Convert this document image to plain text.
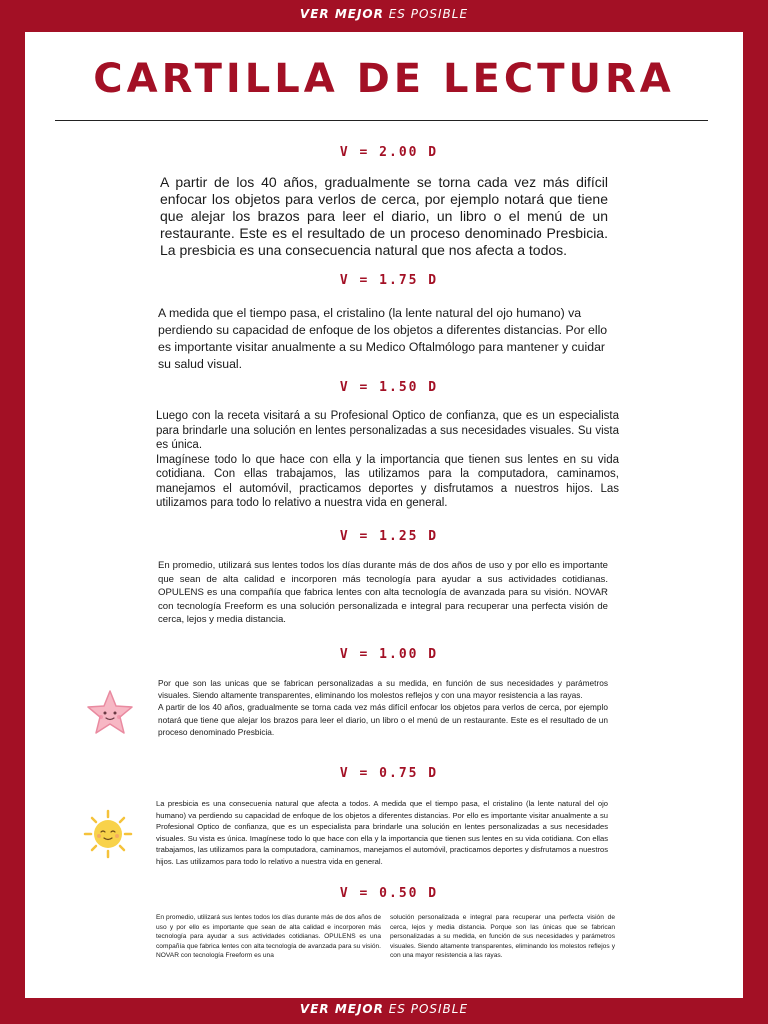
VER MEJOR ES POSIBLE
CARTILLA DE LECTURA
V = 2.00 D
A partir de los 40 años, gradualmente se torna cada vez más difícil enfocar los objetos para verlos de cerca, por ejemplo notará que tiene que alejar los brazos para leer el diario, un libro o el menú de un restaurante. Este es el resultado de un proceso denominado Presbicia. La presbicia es una consecuencia natural que nos afecta a todos.
V = 1.75 D
A medida que el tiempo pasa, el cristalino (la lente natural del ojo humano) va perdiendo su capacidad de enfoque de los objetos a diferentes distancias. Por ello es importante visitar anualmente a su Medico Oftalmólogo para mantener y cuidar su salud visual.
V = 1.50 D
Luego con la receta visitará a su Profesional Optico de confianza, que es un especialista para brindarle una solución en lentes personalizadas a sus necesidades visuales. Su vista es única.
Imagínese todo lo que hace con ella y la importancia que tienen sus lentes en su vida cotidiana. Con ellas trabajamos, las utilizamos para la computadora, caminamos, manejamos el automóvil, practicamos deportes y disfrutamos a nuestros hijos. Las utilizamos para todo lo relativo a nuestra vida en general.
V = 1.25 D
En promedio, utilizará sus lentes todos los días durante más de dos años de uso y por ello es importante que sean de alta calidad e incorporen más tecnología para ayudar a sus actividades cotidianas. OPULENS es una compañía que fabrica lentes con alta tecnología de avanzada para su visión. NOVAR con tecnología Freeform es una solución personalizada e integral para recuperar una perfecta visión de cerca, lejos y media distancia.
V = 1.00 D
Por que son las unicas que se fabrican personalizadas a su medida, en función de sus necesidades y parámetros visuales. Siendo altamente transparentes, eliminando los molestos reflejos y con una mayor resistencia a las rayas.
A partir de los 40 años, gradualmente se torna cada vez más difícil enfocar los objetos para verlos de cerca, por ejemplo notará que tiene que alejar los brazos para leer el diario, un libro o el menú de un restaurante. Este es el resultado de un proceso denominado Presbicia.
V = 0.75 D
La presbicia es una consecuenia natural que afecta a todos. A medida que el tiempo pasa, el cristalino (la lente natural del ojo humano) va perdiendo su capacidad de enfoque de los objetos a diferentes distancias. Por ello es importante visitar anualmente a su Profesional Optico de confianza, que es un especialista para brindarle una solución en lentes personalizadas a sus necesidades visuales. Su vista es única. Imagínese todo lo que hace con ella y la importancia que tienen sus lentes en su vida cotidiana. Con ellas trabajamos, las utilizamos para la computadora, caminamos, manejamos el automóvil, practicamos deportes y disfrutamos a nuestros hijos. Las utilizamos para todo lo relativo a nuestra vida en general.
V = 0.50 D
En promedio, utilizará sus lentes todos los días durante más de dos años de uso y por ello es importante que sean de alta calidad e incorporen más tecnología para ayudar a sus actividades cotidianas. OPULENS es una compañía que fabrica lentes con alta tecnología de avanzada para su visión. NOVAR con tecnología Freeform es una
solución personalizada e integral para recuperar una perfecta visión de cerca, lejos y media distancia. Porque son las únicas que se fabrican personalizadas a su medida, en función de sus necesidades y parámetros visuales. Siendo altamente transparentes, eliminando los molestos reflejos y con una mayor resistencia a las rayas.
VER MEJOR ES POSIBLE
